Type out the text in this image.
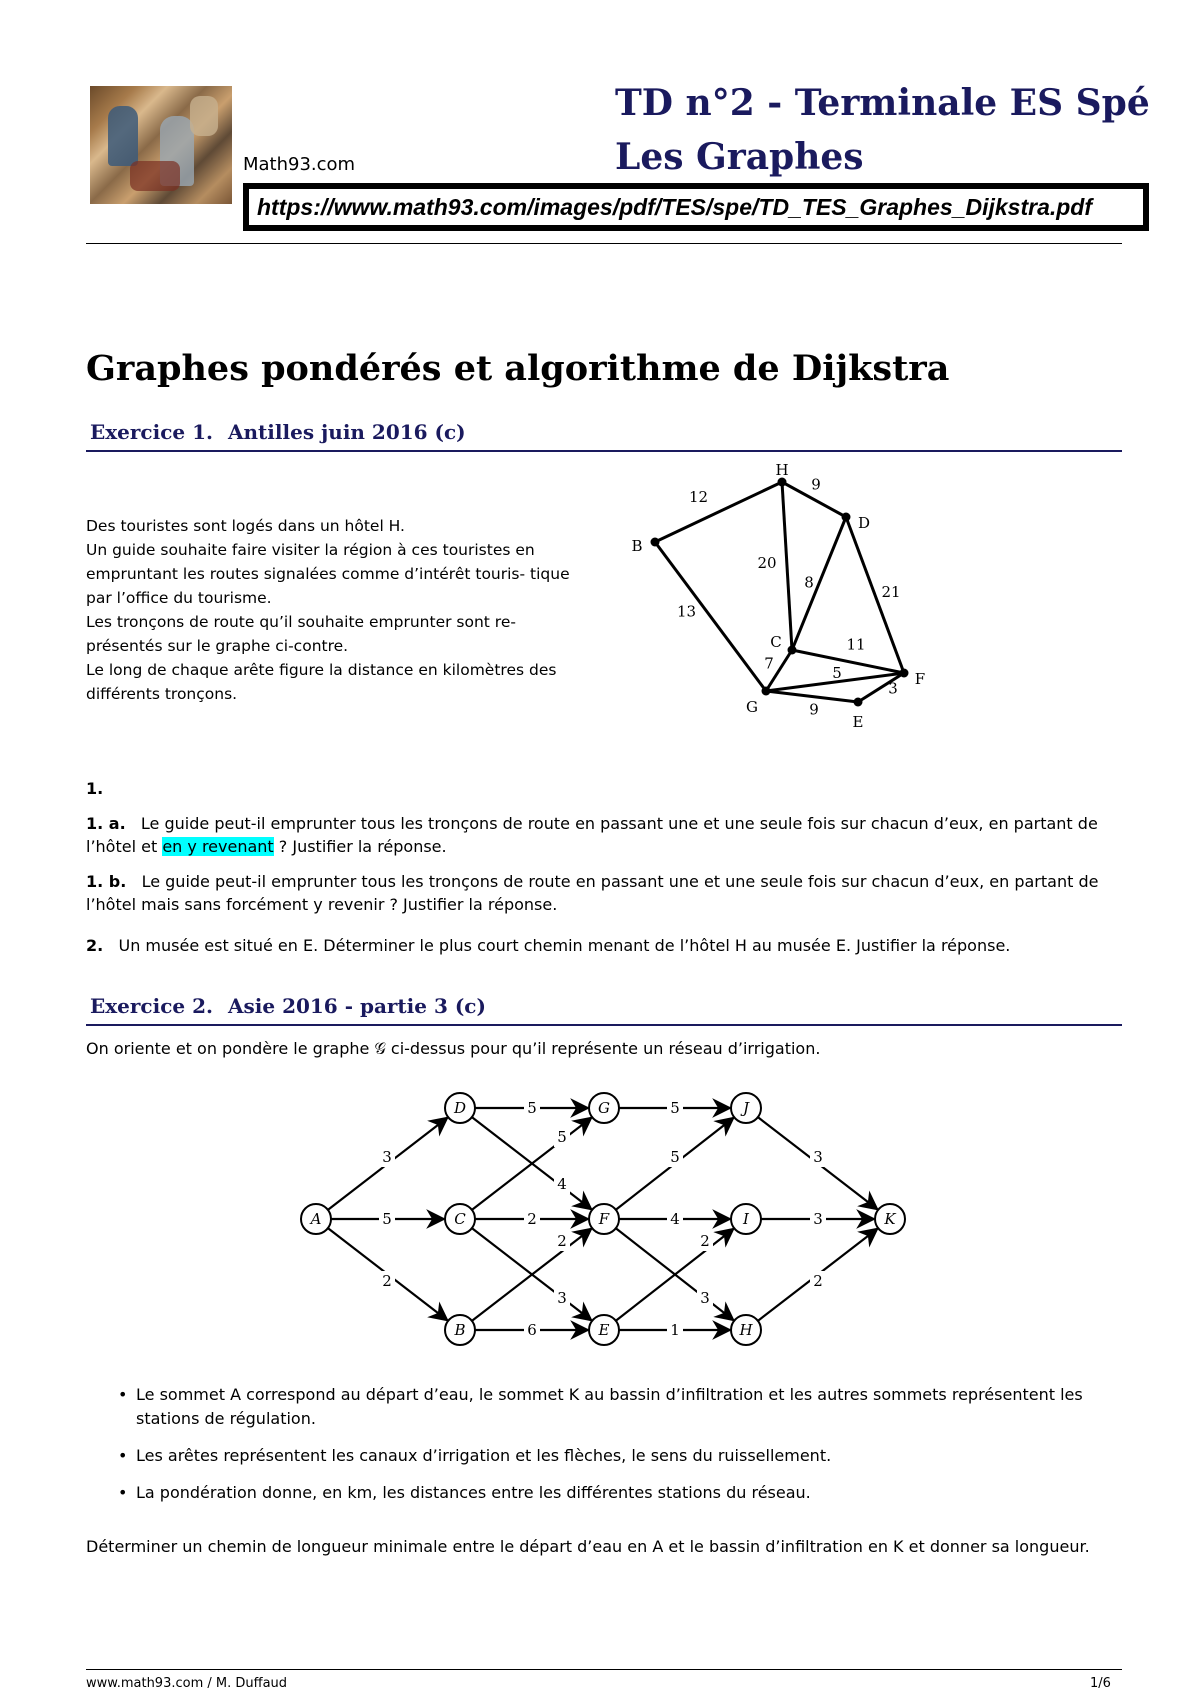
Math93.com
TD n°2 - Terminale ES Spé
Les Graphes
https://www.math93.com/images/pdf/TES/spe/TD_TES_Graphes_Dijkstra.pdf
Graphes pondérés et algorithme de Dijkstra
Exercice 1. Antilles juin 2016 (c)

Des touristes sont logés dans un hôtel H.

Un guide souhaite faire visiter la région à ces touristes en empruntant les routes signalées comme d’intérêt touris- tique par l’office du tourisme.

Les tronçons de route qu’il souhaite emprunter sont re- présentés sur le graphe ci-contre.

Le long de chaque arête figure la distance en kilomètres des différents tronçons.

12
9
20
8
21
13
11
7
5
9
3
H
D
B
C
F
G
E
1.
1. a. Le guide peut-il emprunter tous les tronçons de route en passant une et une seule fois sur chacun d’eux, en partant de l’hôtel et en y revenant ? Justifier la réponse.
1. b. Le guide peut-il emprunter tous les tronçons de route en passant une et une seule fois sur chacun d’eux, en partant de l’hôtel mais sans forcément y revenir ? Justifier la réponse.
2. Un musée est situé en E. Déterminer le plus court chemin menant de l’hôtel H au musée E. Justifier la réponse.
Exercice 2. Asie 2016 - partie 3 (c)
On oriente et on pondère le graphe 𝒢 ci-dessus pour qu’il représente un réseau d’irrigation.
3
5
2
5
4
5
2
3
2
6
5
5
4
3
1
2
3
3
2
A
D
C
B
G
F
E
J
I
H
K
• Le sommet A correspond au départ d’eau, le sommet K au bassin d’infiltration et les autres sommets représentent les stations de régulation.
• Les arêtes représentent les canaux d’irrigation et les flèches, le sens du ruissellement.
• La pondération donne, en km, les distances entre les différentes stations du réseau.
Déterminer un chemin de longueur minimale entre le départ d’eau en A et le bassin d’infiltration en K et donner sa longueur.
www.math93.com / M. Duffaud	1/6
